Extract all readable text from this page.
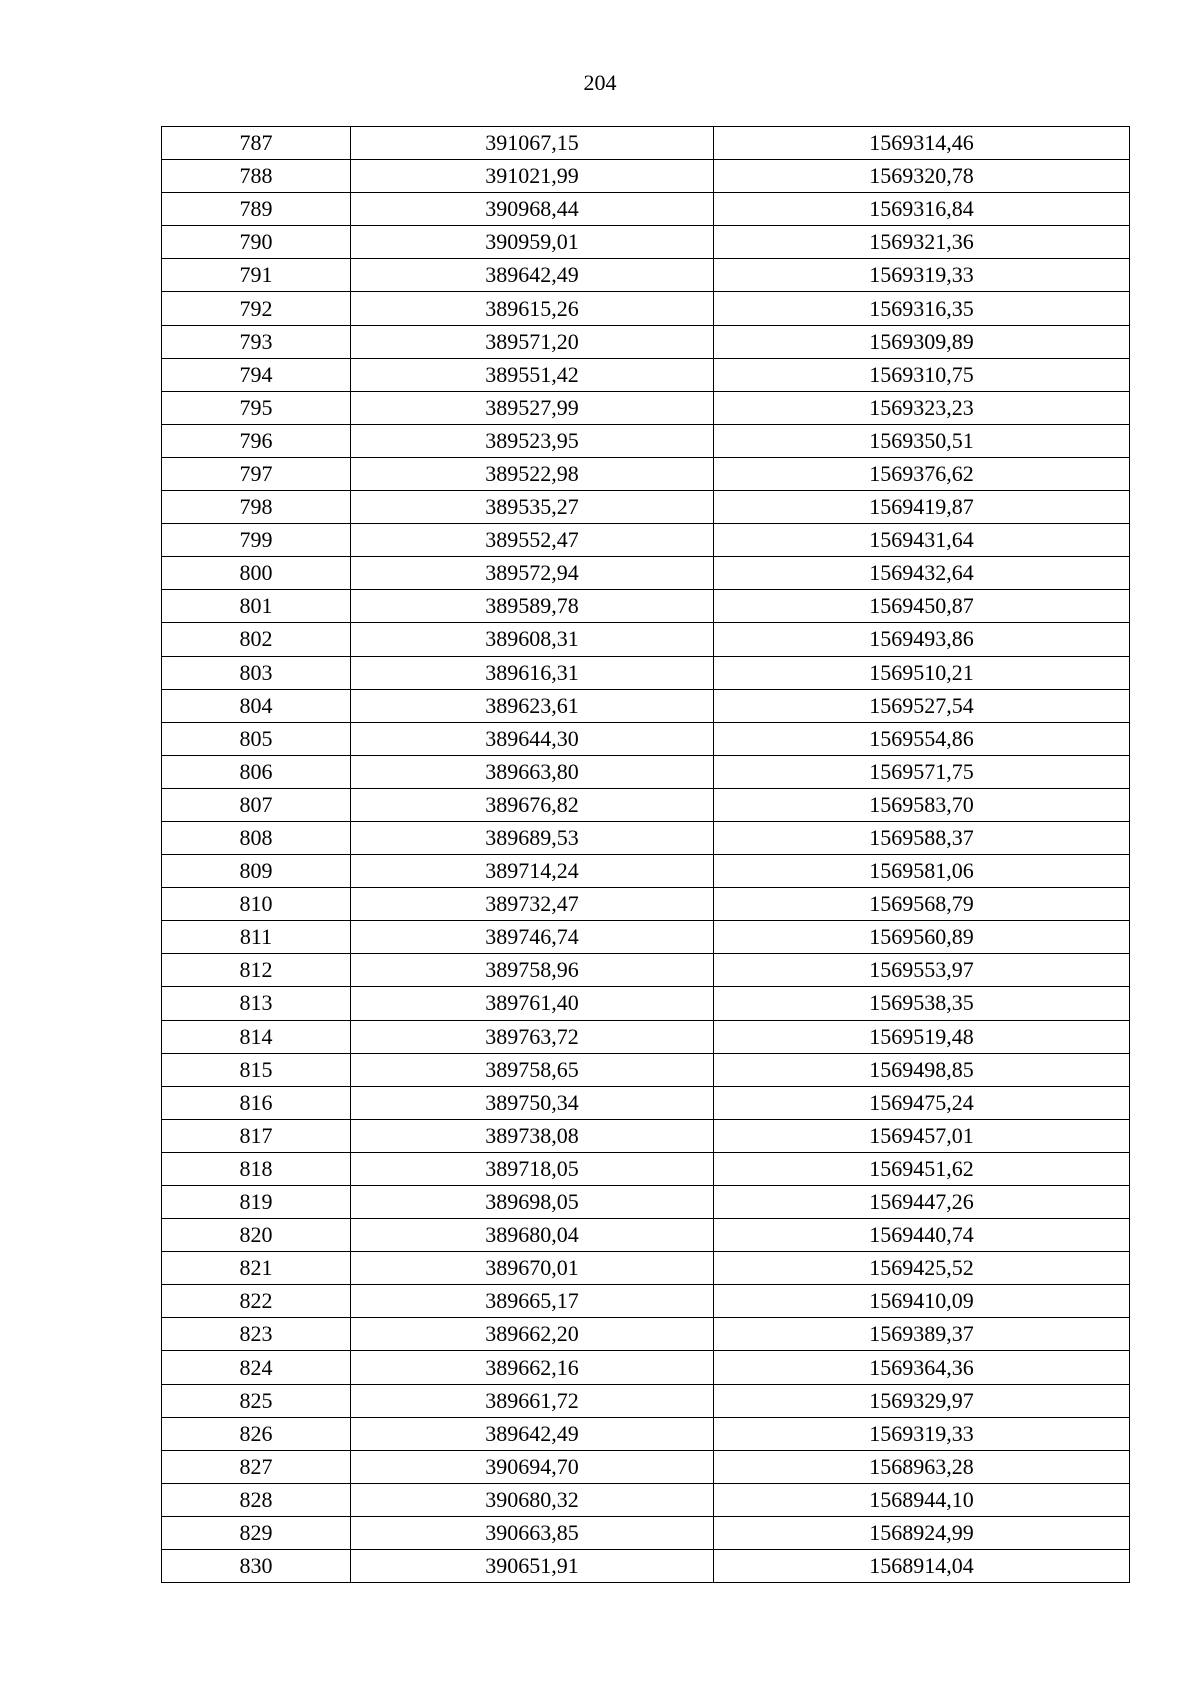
204
787	391067,15	1569314,46
788	391021,99	1569320,78
789	390968,44	1569316,84
790	390959,01	1569321,36
791	389642,49	1569319,33
792	389615,26	1569316,35
793	389571,20	1569309,89
794	389551,42	1569310,75
795	389527,99	1569323,23
796	389523,95	1569350,51
797	389522,98	1569376,62
798	389535,27	1569419,87
799	389552,47	1569431,64
800	389572,94	1569432,64
801	389589,78	1569450,87
802	389608,31	1569493,86
803	389616,31	1569510,21
804	389623,61	1569527,54
805	389644,30	1569554,86
806	389663,80	1569571,75
807	389676,82	1569583,70
808	389689,53	1569588,37
809	389714,24	1569581,06
810	389732,47	1569568,79
811	389746,74	1569560,89
812	389758,96	1569553,97
813	389761,40	1569538,35
814	389763,72	1569519,48
815	389758,65	1569498,85
816	389750,34	1569475,24
817	389738,08	1569457,01
818	389718,05	1569451,62
819	389698,05	1569447,26
820	389680,04	1569440,74
821	389670,01	1569425,52
822	389665,17	1569410,09
823	389662,20	1569389,37
824	389662,16	1569364,36
825	389661,72	1569329,97
826	389642,49	1569319,33
827	390694,70	1568963,28
828	390680,32	1568944,10
829	390663,85	1568924,99
830	390651,91	1568914,04
